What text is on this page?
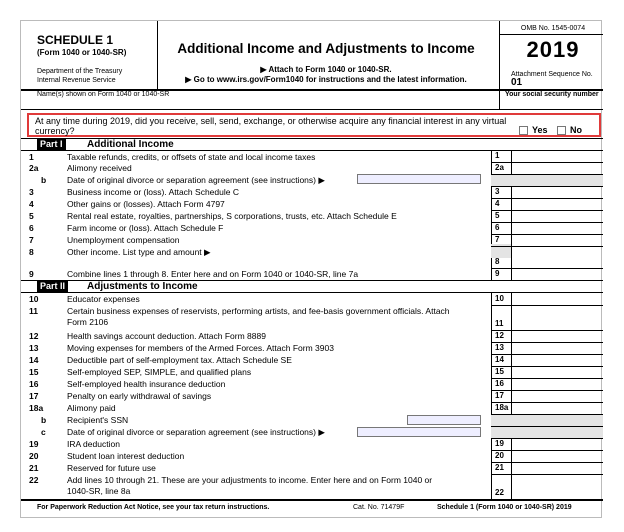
SCHEDULE 1
(Form 1040 or 1040-SR)
Department of the Treasury
Internal Revenue Service
Additional Income and Adjustments to Income
▶ Attach to Form 1040 or 1040-SR.
▶ Go to www.irs.gov/Form1040 for instructions and the latest information.
OMB No. 1545-0074
2019
Attachment Sequence No. 01
Name(s) shown on Form 1040 or 1040-SR	Your social security number
At any time during 2019, did you receive, sell, send, exchange, or otherwise acquire any financial interest in any virtual currency?	Yes No
Part I	Additional Income
1	Taxable refunds, credits, or offsets of state and local income taxes	1
2a	Alimony received	2a
b Date of original divorce or separation agreement (see instructions) ▶
3	Business income or (loss). Attach Schedule C	3
4	Other gains or (losses). Attach Form 4797	4
5	Rental real estate, royalties, partnerships, S corporations, trusts, etc. Attach Schedule E	5
6	Farm income or (loss). Attach Schedule F	6
7	Unemployment compensation	7
8	Other income. List type and amount ▶
8
9	Combine lines 1 through 8. Enter here and on Form 1040 or 1040-SR, line 7a	9
Part II	Adjustments to Income
10	Educator expenses	10
11	Certain business expenses of reservists, performing artists, and fee-basis government officials. Attach
Form 2106	11
12	Health savings account deduction. Attach Form 8889	12
13	Moving expenses for members of the Armed Forces. Attach Form 3903	13
14	Deductible part of self-employment tax. Attach Schedule SE	14
15	Self-employed SEP, SIMPLE, and qualified plans	15
16	Self-employed health insurance deduction	16
17	Penalty on early withdrawal of savings	17
18a	Alimony paid	18a
b Recipient's SSN
c	Date of original divorce or separation agreement (see instructions) ▶
19	IRA deduction	19
20	Student loan interest deduction	20
21	Reserved for future use	21
22	Add lines 10 through 21. These are your adjustments to income. Enter here and on Form 1040 or
1040-SR, line 8a	22
For Paperwork Reduction Act Notice, see your tax return instructions.	Cat. No. 71479F	Schedule 1 (Form 1040 or 1040-SR) 2019
